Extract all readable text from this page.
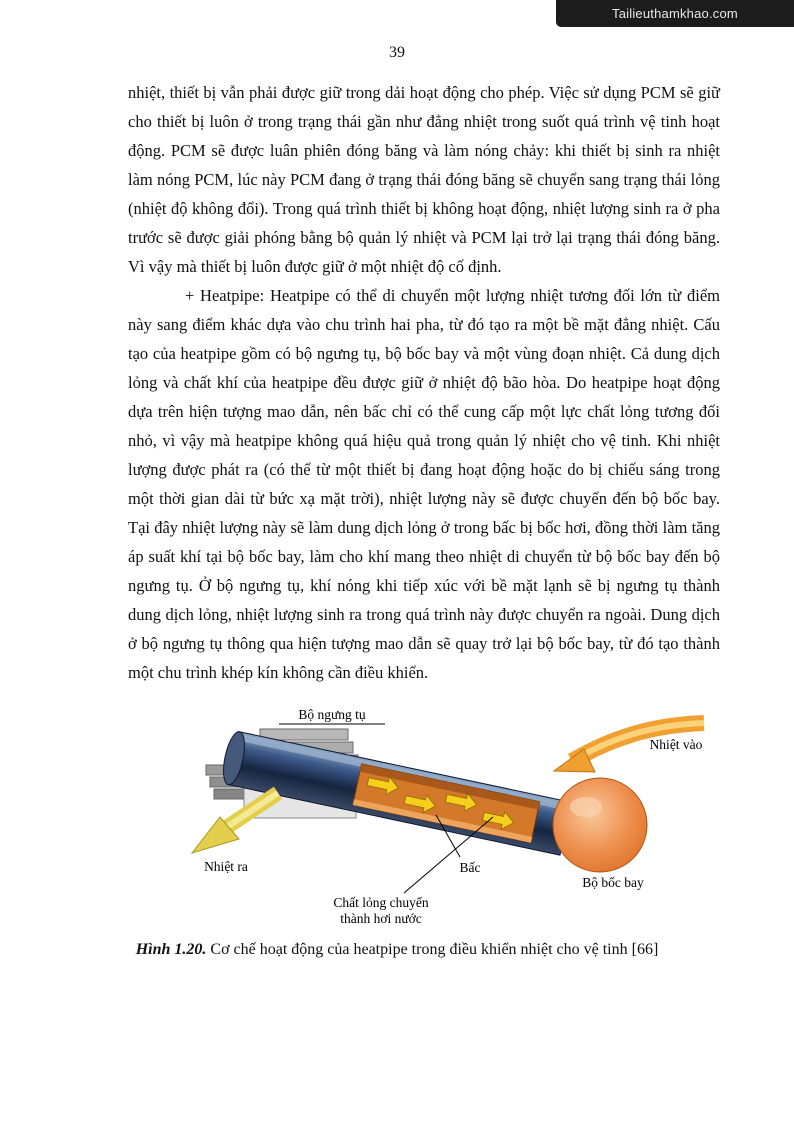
Tailieuthamkhao.com
39

nhiệt, thiết bị vẫn phải được giữ trong dải hoạt động cho phép. Việc sử dụng PCM sẽ giữ cho thiết bị luôn ở trong trạng thái gần như đẳng nhiệt trong suốt quá trình vệ tinh hoạt động. PCM sẽ được luân phiên đóng băng và làm nóng chảy: khi thiết bị sinh ra nhiệt làm nóng PCM, lúc này PCM đang ở trạng thái đóng băng sẽ chuyển sang trạng thái lỏng (nhiệt độ không đổi). Trong quá trình thiết bị không hoạt động, nhiệt lượng sinh ra ở pha trước sẽ được giải phóng bằng bộ quản lý nhiệt và PCM lại trở lại trạng thái đóng băng. Vì vậy mà thiết bị luôn được giữ ở một nhiệt độ cố định.

+ Heatpipe: Heatpipe có thể di chuyển một lượng nhiệt tương đối lớn từ điểm này sang điểm khác dựa vào chu trình hai pha, từ đó tạo ra một bề mặt đẳng nhiệt. Cấu tạo của heatpipe gồm có bộ ngưng tụ, bộ bốc bay và một vùng đoạn nhiệt. Cả dung dịch lỏng và chất khí của heatpipe đều được giữ ở nhiệt độ bão hòa. Do heatpipe hoạt động dựa trên hiện tượng mao dẫn, nên bấc chỉ có thể cung cấp một lực chất lỏng tương đối nhỏ, vì vậy mà heatpipe không quá hiệu quả trong quản lý nhiệt cho vệ tinh. Khi nhiệt lượng được phát ra (có thể từ một thiết bị đang hoạt động hoặc do bị chiếu sáng trong một thời gian dài từ bức xạ mặt trời), nhiệt lượng này sẽ được chuyển đến bộ bốc bay. Tại đây nhiệt lượng này sẽ làm dung dịch lỏng ở trong bấc bị bốc hơi, đồng thời làm tăng áp suất khí tại bộ bốc bay, làm cho khí mang theo nhiệt di chuyển từ bộ bốc bay đến bộ ngưng tụ. Ở bộ ngưng tụ, khí nóng khi tiếp xúc với bề mặt lạnh sẽ bị ngưng tụ thành dung dịch lỏng, nhiệt lượng sinh ra trong quá trình này được chuyển ra ngoài. Dung dịch ở bộ ngưng tụ thông qua hiện tượng mao dẫn sẽ quay trở lại bộ bốc bay, từ đó tạo thành một chu trình khép kín không cần điều khiển.

Bộ ngưng tụ
Nhiệt vào
Nhiệt ra	Bấc
Bộ bốc bay
Chất lỏng chuyển
thành hơi nước
Hình 1.20. Cơ chế hoạt động của heatpipe trong điều khiển nhiệt cho vệ tinh [66]
